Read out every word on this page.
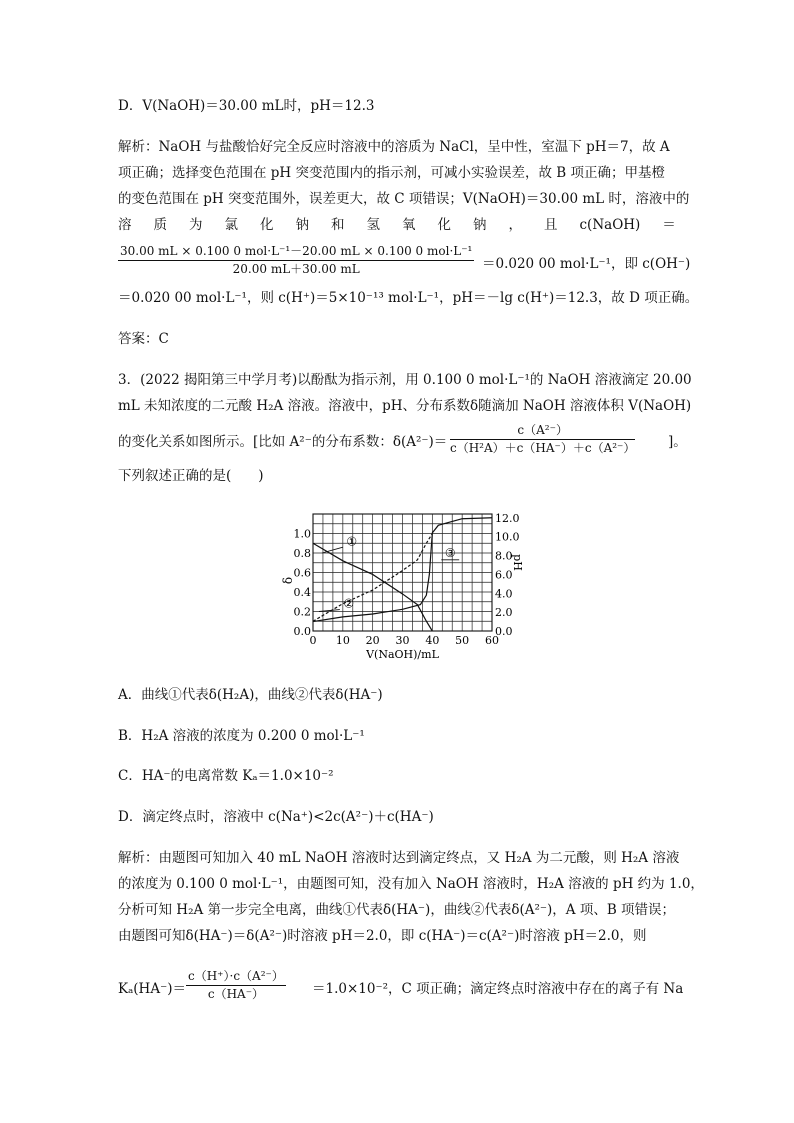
D．V(NaOH)＝30.00 mL时，pH＝12.3
解析：NaOH 与盐酸恰好完全反应时溶液中的溶质为 NaCl，呈中性，室温下 pH＝7，故 A
项正确；选择变色范围在 pH 突变范围内的指示剂，可减小实验误差，故 B 项正确；甲基橙
的变色范围在 pH 突变范围外，误差更大，故 C 项错误；V(NaOH)＝30.00 mL 时，溶液中的
溶 质 为 氯 化 钠 和 氢 氧 化 钠 ， 且 c(NaOH) ＝
30.00 mL × 0.100 0 mol·L⁻¹－20.00 mL × 0.100 0 mol·L⁻¹
20.00 mL＋30.00 mL	＝0.020 00 mol·L⁻¹，即 c(OH⁻)
＝0.020 00 mol·L⁻¹，则 c(H⁺)＝5×10⁻¹³ mol·L⁻¹，pH＝－lg c(H⁺)＝12.3，故 D 项正确。
答案：C
3．(2022 揭阳第三中学月考)以酚酞为指示剂，用 0.100 0 mol·L⁻¹的 NaOH 溶液滴定 20.00
mL 未知浓度的二元酸 H₂A 溶液。溶液中，pH、分布系数δ随滴加 NaOH 溶液体积 V(NaOH)
的变化关系如图所示。[比如 A²⁻的分布系数：$\delta(A^{2-})= \frac{\text{c（A²⁻）}}{\text{c（H²A）＋c（HA⁻）＋c（A²⁻）}}$ ]。
下列叙述正确的是(　　)
0 10 20 30 40 50 60
0.0
0.2
0.4
0.6
0.8
1.0
0.0
2.0
4.0
6.0
8.0
10.0
12.0
V(NaOH)/mL
δ
pH
①
②
③
A．曲线①代表δ(H₂A)，曲线②代表δ(HA⁻)
B．H₂A 溶液的浓度为 0.200 0 mol·L⁻¹
C．HA⁻的电离常数 Kₐ＝1.0×10⁻²
D．滴定终点时，溶液中 c(Na⁺)<2c(A²⁻)＋c(HA⁻)
解析：由题图可知加入 40 mL NaOH 溶液时达到滴定终点，又 H₂A 为二元酸，则 H₂A 溶液
的浓度为 0.100 0 mol·L⁻¹，由题图可知，没有加入 NaOH 溶液时，H₂A 溶液的 pH 约为 1.0，
分析可知 H₂A 第一步完全电离，曲线①代表δ(HA⁻)，曲线②代表δ(A²⁻)，A 项、B 项错误；
由题图可知δ(HA⁻)＝δ(A²⁻)时溶液 pH＝2.0，即 c(HA⁻)＝c(A²⁻)时溶液 pH＝2.0，则
$K_a(HA^-)= \frac{\text{c（H⁺）·c（A²⁻）}}{c(HA^-)} =1.0\times 10^{-2}$，C 项正确；滴定终点时溶液中存在的离子有 Na
